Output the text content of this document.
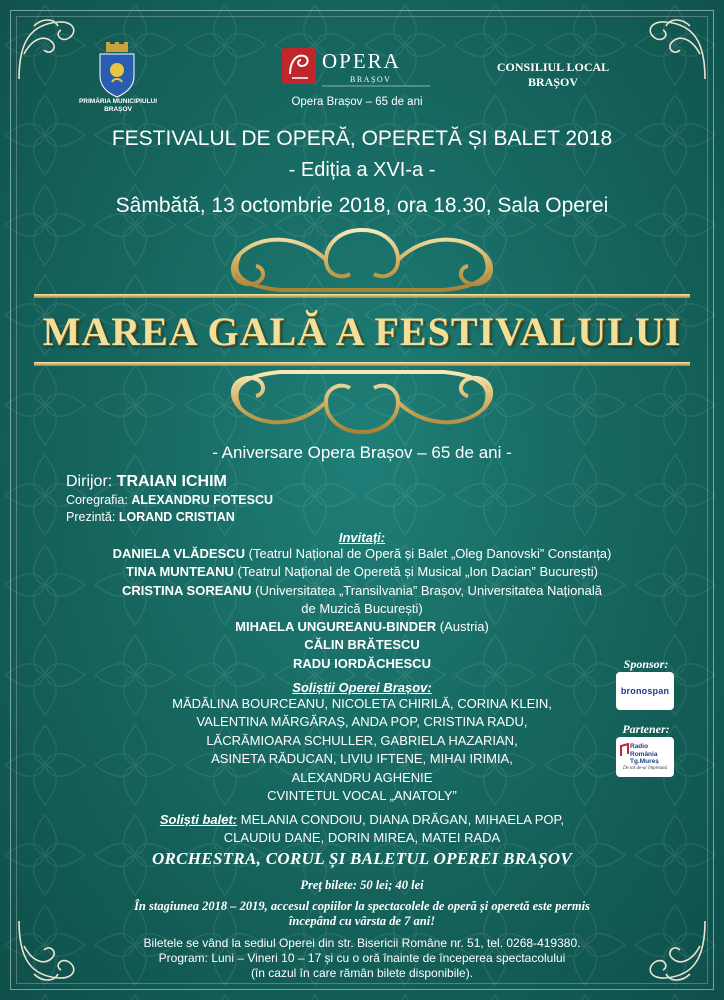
PRIMĂRIA MUNICIPIULUI BRAȘOV
OPERA
BRAȘOV
Opera Brașov – 65 de ani
CONSILIUL LOCAL BRAȘOV
FESTIVALUL DE OPERĂ, OPERETĂ ȘI BALET 2018
- Ediția a XVI-a -
Sâmbătă, 13 octombrie 2018, ora 18.30, Sala Operei
MAREA GALĂ A FESTIVALULUI
- Aniversare Opera Brașov – 65 de ani -
Dirijor: TRAIAN ICHIM
Coregrafia: ALEXANDRU FOTESCU
Prezintă: LORAND CRISTIAN
Invitați:
DANIELA VLĂDESCU (Teatrul Național de Operă și Balet „Oleg Danovski” Constanța)
TINA MUNTEANU (Teatrul Național de Operetă și Musical „Ion Dacian” București)
CRISTINA SOREANU (Universitatea „Transilvania” Brașov, Universitatea Națională
de Muzică București)
MIHAELA UNGUREANU-BINDER (Austria)
CĂLIN BRĂTESCU
RADU IORDĂCHESCU
Soliștii Operei Brașov:
MĂDĂLINA BOURCEANU, NICOLETA CHIRILĂ, CORINA KLEIN,
VALENTINA MĂRGĂRAȘ, ANDA POP, CRISTINA RADU,
LĂCRĂMIOARA SCHULLER, GABRIELA HAZARIAN,
ASINETA RĂDUCAN, LIVIU IFTENE, MIHAI IRIMIA,
ALEXANDRU AGHENIE
CVINTETUL VOCAL „ANATOLY”
Soliști balet: MELANIA CONDOIU, DIANA DRĂGAN, MIHAELA POP,
CLAUDIU DANE, DORIN MIREA, MATEI RADA
ORCHESTRA, CORUL ȘI BALETUL OPEREI BRAȘOV
Preț bilete: 50 lei; 40 lei
În stagiunea 2018 – 2019, accesul copiilor la spectacolele de operă și operetă este permis
începând cu vârsta de 7 ani!
Biletele se vând la sediul Operei din str. Bisericii Române nr. 51, tel. 0268-419380.
Program: Luni – Vineri 10 – 17 și cu o oră înainte de începerea spectacolului
(în cazul în care rămân bilete disponibile).
Sponsor:
bronospan
Partener:
Radio
România
Tg.Mureș
De tot de-ai împreună
